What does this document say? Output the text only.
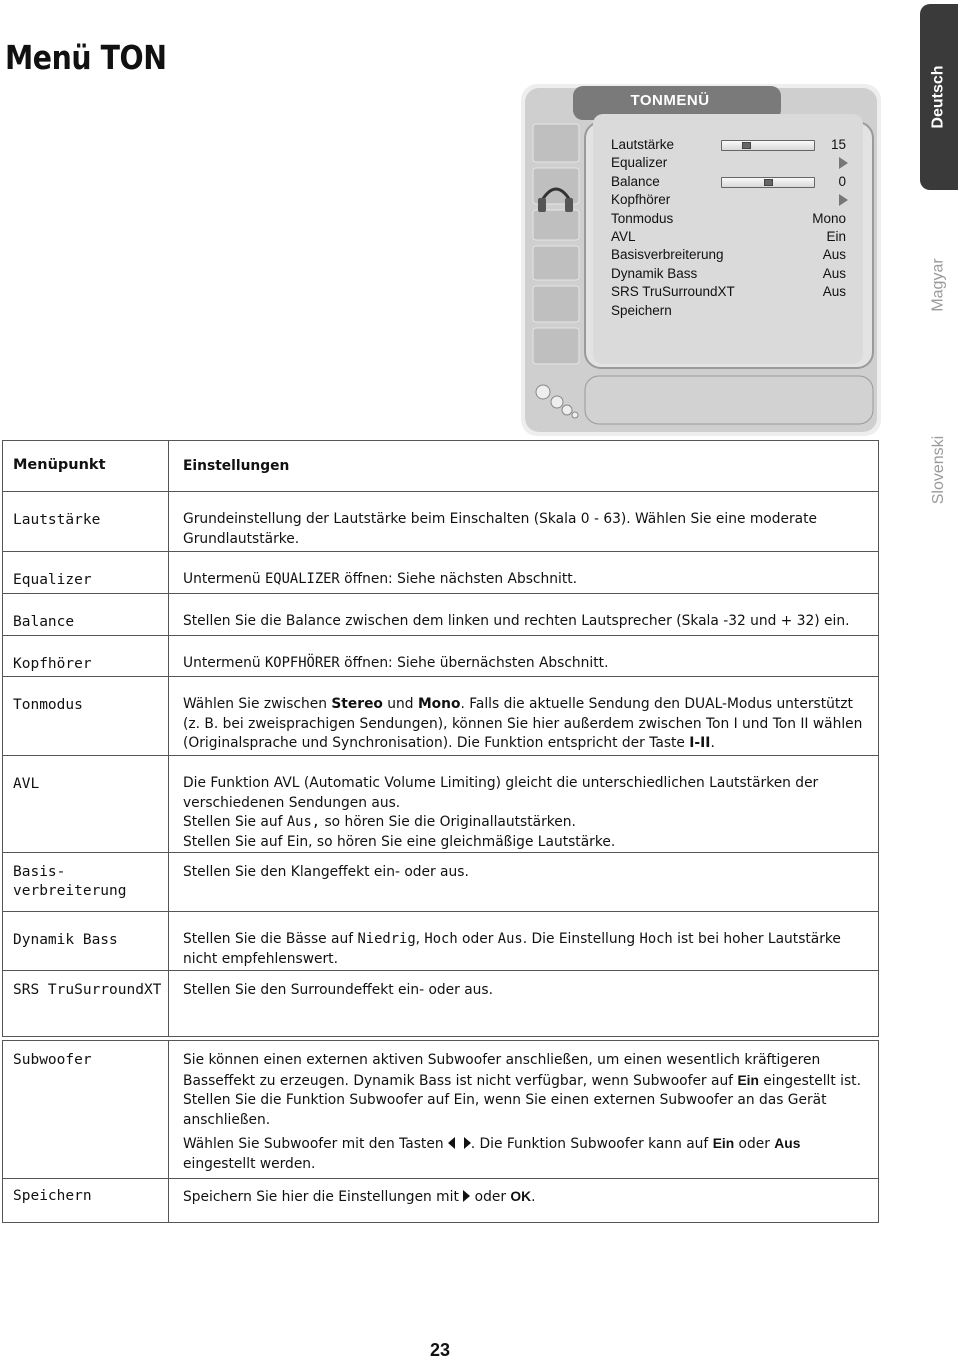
Menü TON
Deutsch
Magyar
Slovenski
TONMENÜ
Lautstärke	15
Equalizer
Balance	0
Kopfhörer
Tonmodus	Mono
AVL	Ein
Basisverbreiterung	Aus
Dynamik Bass	Aus
SRS TruSurroundXT	Aus
Speichern
Menüpunkt	Einstellungen

Lautstärke	Grundeinstellung der Lautstärke beim Einschalten (Skala 0 - 63). Wählen Sie eine moderate Grundlautstärke.

Equalizer	Untermenü EQUALIZER öffnen: Siehe nächsten Abschnitt.

Balance	Stellen Sie die Balance zwischen dem linken und rechten Lautsprecher (Skala -32 und + 32) ein.

Kopfhörer	Untermenü KOPFHÖRER öffnen: Siehe übernächsten Abschnitt.

Tonmodus	Wählen Sie zwischen Stereo und Mono. Falls die aktuelle Sendung den DUAL-Modus unterstützt (z. B. bei zweisprachigen Sendungen), können Sie hier außerdem zwischen Ton I und Ton II wählen (Originalsprache und Synchronisation). Die Funktion entspricht der Taste I-II.

AVL	Die Funktion AVL (Automatic Volume Limiting) gleicht die unterschiedlichen Lautstärken der verschiedenen Sendungen aus.

Stellen Sie auf Aus, so hören Sie die Originallautstärken.

Stellen Sie auf Ein, so hören Sie eine gleichmäßige Lautstärke.

Basis-verbreiterung	Stellen Sie den Klangeffekt ein- oder aus.

Dynamik Bass	Stellen Sie die Bässe auf Niedrig, Hoch oder Aus. Die Einstellung Hoch ist bei hoher Lautstärke nicht empfehlenswert.

SRS TruSurroundXT	Stellen Sie den Surroundeffekt ein- oder aus.

Subwoofer	Sie können einen externen aktiven Subwoofer anschließen, um einen wesentlich kräftigeren Basseffekt zu erzeugen. Dynamik Bass ist nicht verfügbar, wenn Subwoofer auf Ein eingestellt ist. Stellen Sie die Funktion Subwoofer auf Ein, wenn Sie einen externen Subwoofer an das Gerät anschließen.

Wählen Sie Subwoofer mit den Tasten   . Die Funktion Subwoofer kann auf Ein oder Aus eingestellt werden.

Speichern	Speichern Sie hier die Einstellungen mit  oder OK.
23
